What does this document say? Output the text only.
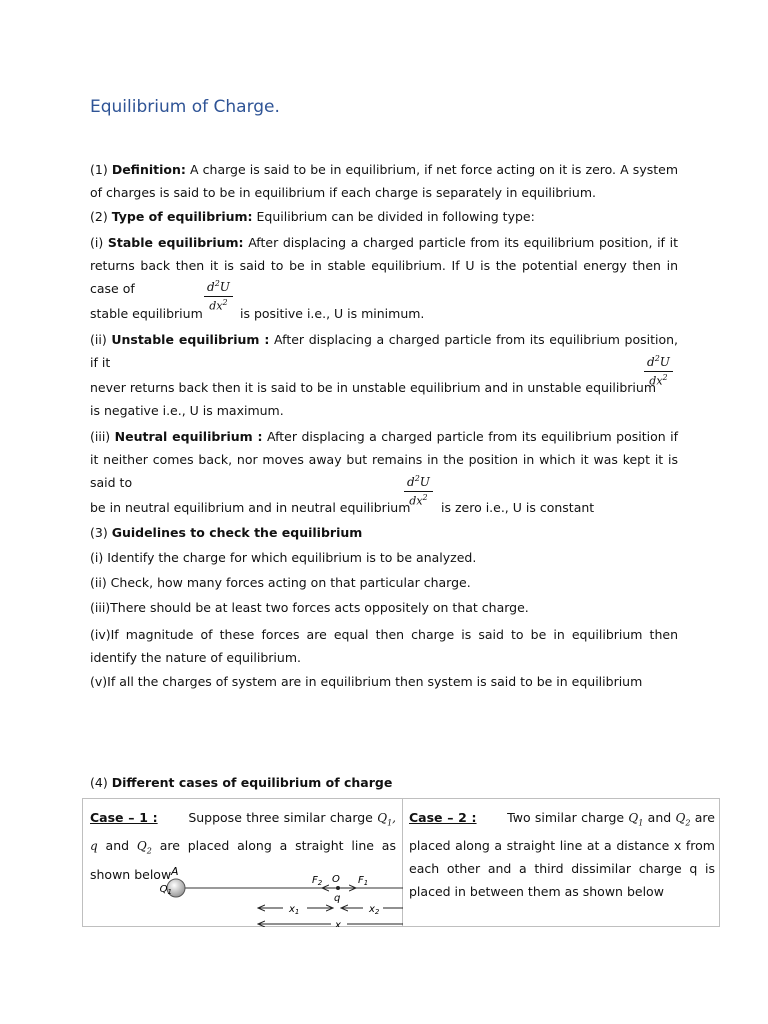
Equilibrium of Charge.
(1) Definition: A charge is said to be in equilibrium, if net force acting on it is zero. A system of charges is said to be in equilibrium if each charge is separately in equilibrium.
(2) Type of equilibrium: Equilibrium can be divided in following type:
(i) Stable equilibrium: After displacing a charged particle from its equilibrium position, if it returns back then it is said to be in stable equilibrium. If U is the potential energy then in case of
stable equilibrium
$\frac{d^2U}{dx^2}$
is positive i.e., U is minimum.
(ii) Unstable equilibrium : After displacing a charged particle from its equilibrium position, if it
never returns back then it is said to be in unstable equilibrium and in unstable equilibrium
$\frac{d^2U}{dx^2}$
is negative i.e., U is maximum.
(iii) Neutral equilibrium : After displacing a charged particle from its equilibrium position if it neither comes back, nor moves away but remains in the position in which it was kept it is said to
be in neutral equilibrium and in neutral equilibrium
$\frac{d^2U}{dx^2}$ is zero i.e., U is constant
(3) Guidelines to check the equilibrium
(i) Identify the charge for which equilibrium is to be analyzed.
(ii) Check, how many forces acting on that particular charge.
(iii)There should be at least two forces acts oppositely on that charge.
(iv)If magnitude of these forces are equal then charge is said to be in equilibrium then identify the nature of equilibrium.
(v)If all the charges of system are in equilibrium then system is said to be in equilibrium
(4) Different cases of equilibrium of charge
Case – 1 : Suppose three similar charge $Q_1$, q and $Q_2$ are placed along a straight line as shown below A
$Q_1$
$F_2$ O $F_1$
q
$x_1$	$x_2$
x
Case – 2 : Two similar charge $Q_1$ and $Q_2$ are placed along a straight line at a distance x from each other and a third dissimilar charge q is placed in between them as shown below
